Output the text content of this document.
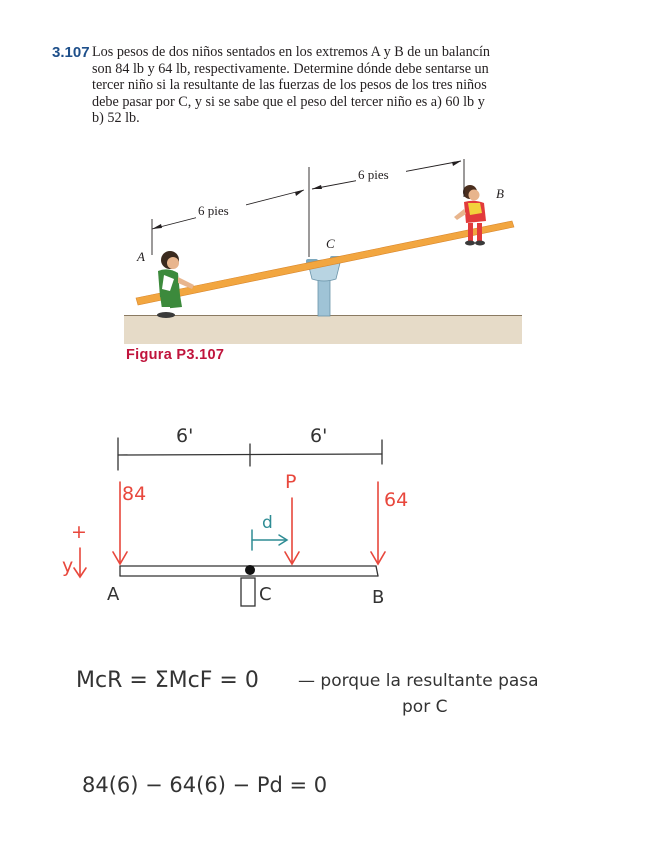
3.107 Los pesos de dos niños sentados en los extremos A y B de un balancín
son 84 lb y 64 lb, respectivamente. Determine dónde debe sentarse un
tercer niño si la resultante de las fuerzas de los pesos de los tres niños
debe pasar por C, y si se sabe que el peso del tercer niño es a) 60 lb y
b) 52 lb.
6 pies
6 pies
A
B
C
Figura P3.107
6'	6'
84
P
64
+
y
d
A	C	B
McR = ΣMcF = 0 — porque la resultante pasa
por C
84(6) − 64(6) − Pd = 0
